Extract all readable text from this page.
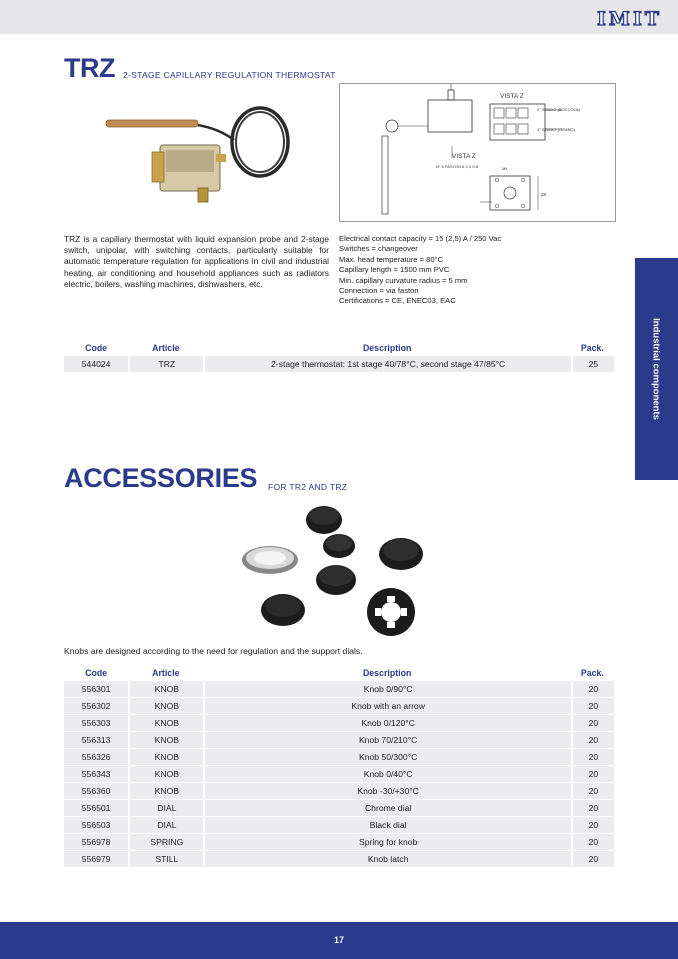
IMIT
TRZ 2-STAGE CAPILLARY REGULATION THERMOSTAT
VISTA Z
2° STADIO (BOCCOLA)
1° STADIO (GRANO)
VISTA Z
N° 6 FASTON 6,3 X 0,8	M4
28
TRZ is a capillary thermostat with liquid expansion probe and 2-stage switch, unipolar, with switching contacts, particularly suitable for automatic temperature regulation for applications in civil and industrial heating, air conditioning and household appliances such as radiators electric, boilers, washing machines, dishwashers, etc.
Electrical contact capacity = 15 (2,5) A / 250 Vac
Switches = changeover
Max. head temperature = 80°C
Capillary length = 1500 mm PVC
Min. capillary curvature radius = 5 mm
Connection = via faston
Certifications = CE, ENEC03, EAC
Code	Article	Description	Pack.
544024	TRZ	2-stage thermostat: 1st stage 40/78°C, second stage 47/85°C	25	Industrial components
ACCESSORIES FOR TR2 AND TRZ
Knobs are designed according to the need for regulation and the support dials.
Code	Article	Description	Pack.
556301	KNOB	Knob 0/90°C	20
556302	KNOB	Knob with an arrow	20
556303	KNOB	Knob 0/120°C	20
556313	KNOB	Knob 70/210°C	20
556326	KNOB	Knob 50/300°C	20
556343	KNOB	Knob 0/40°C	20
556360	KNOB	Knob -30/+30°C	20
556501	DIAL	Chrome dial	20
556503	DIAL	Black dial	20
556978	SPRING	Spring for knob	20
556979	STILL	Knob latch	20
17
